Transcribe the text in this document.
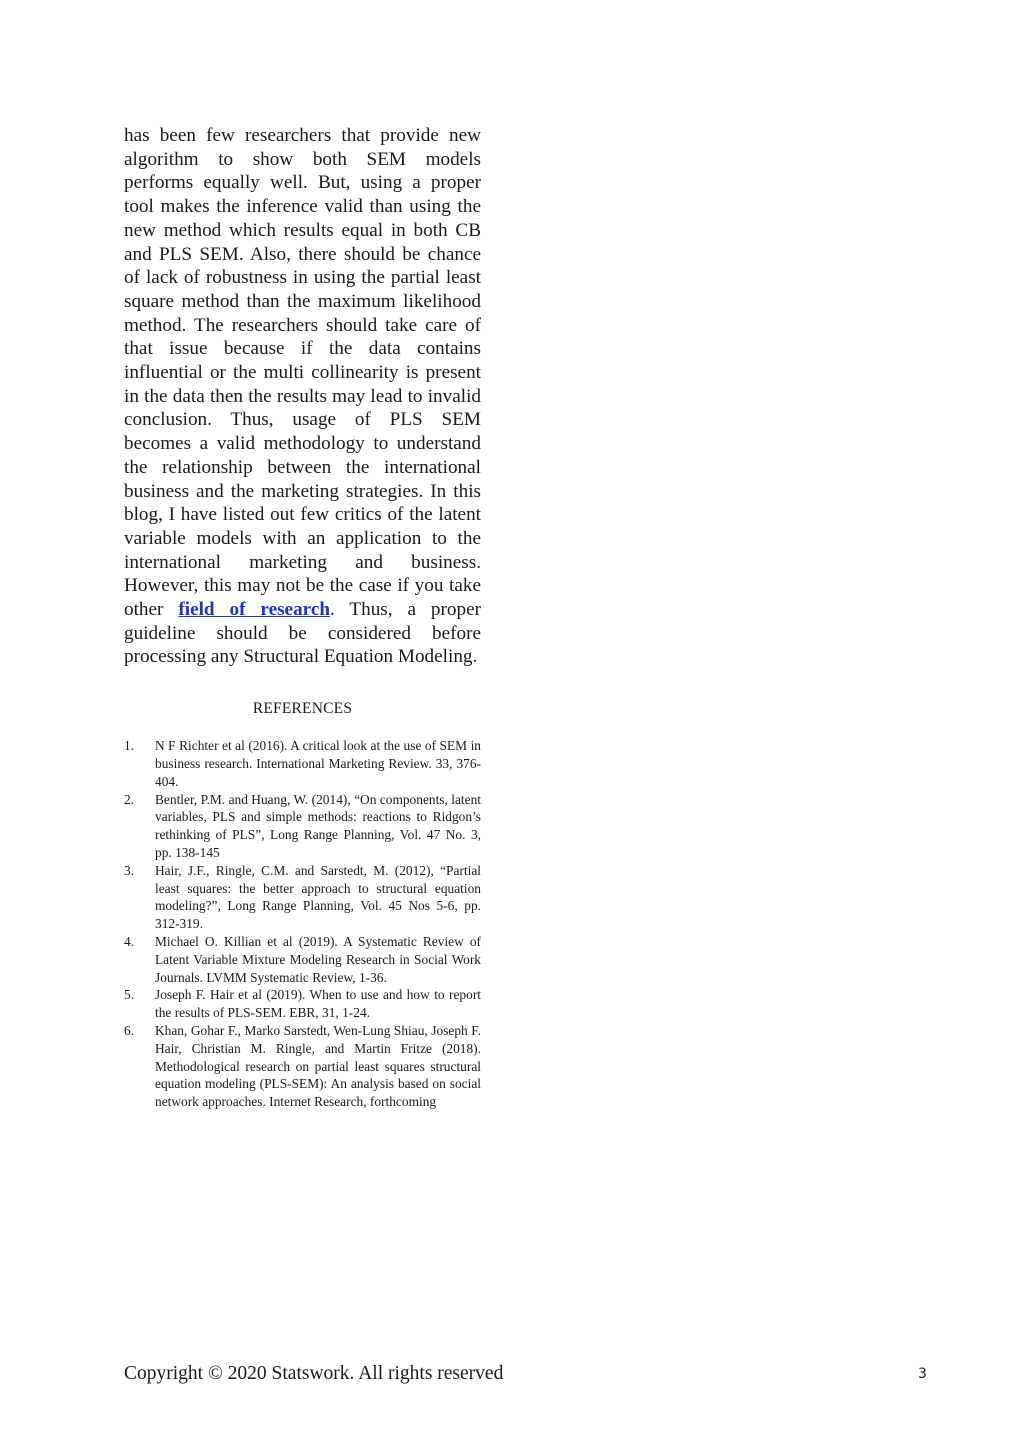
has been few researchers that provide new algorithm to show both SEM models performs equally well. But, using a proper tool makes the inference valid than using the new method which results equal in both CB and PLS SEM. Also, there should be chance of lack of robustness in using the partial least square method than the maximum likelihood method. The researchers should take care of that issue because if the data contains influential or the multi collinearity is present in the data then the results may lead to invalid conclusion. Thus, usage of PLS SEM becomes a valid methodology to understand the relationship between the international business and the marketing strategies. In this blog, I have listed out few critics of the latent variable models with an application to the international marketing and business. However, this may not be the case if you take other field of research. Thus, a proper guideline should be considered before processing any Structural Equation Modeling.

REFERENCES
1. N F Richter et al (2016). A critical look at the use of SEM in business research. International Marketing Review. 33, 376-404.
2. Bentler, P.M. and Huang, W. (2014), “On components, latent variables, PLS and simple methods: reactions to Ridgon’s rethinking of PLS”, Long Range Planning, Vol. 47 No. 3, pp. 138-145
3. Hair, J.F., Ringle, C.M. and Sarstedt, M. (2012), “Partial least squares: the better approach to structural equation modeling?”, Long Range Planning, Vol. 45 Nos 5-6, pp. 312-319.
4. Michael O. Killian et al (2019). A Systematic Review of Latent Variable Mixture Modeling Research in Social Work Journals. LVMM Systematic Review, 1-36.
5. Joseph F. Hair et al (2019). When to use and how to report the results of PLS-SEM. EBR, 31, 1-24.
6. Khan, Gohar F., Marko Sarstedt, Wen-Lung Shiau, Joseph F. Hair, Christian M. Ringle, and Martin Fritze (2018). Methodological research on partial least squares structural equation modeling (PLS-SEM): An analysis based on social network approaches. Internet Research, forthcoming
Copyright © 2020 Statswork. All rights reserved	3
